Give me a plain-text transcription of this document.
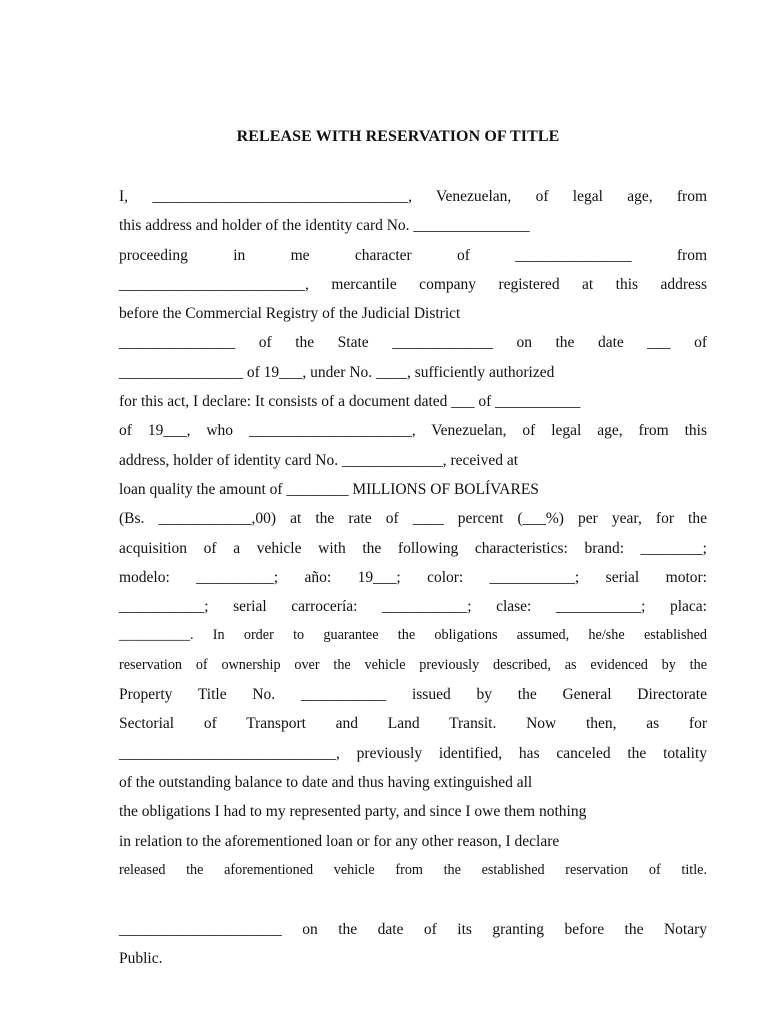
RELEASE WITH RESERVATION OF TITLE
I, _________________________________, Venezuelan, of legal age, from
this address and holder of the identity card No. _______________
proceeding in me character of _______________ from
________________________, mercantile company registered at this address
before the Commercial Registry of the Judicial District
_______________ of the State _____________ on the date ___ of
________________ of 19___, under No. ____, sufficiently authorized
for this act, I declare: It consists of a document dated ___ of ___________
of 19___, who _____________________, Venezuelan, of legal age, from this
address, holder of identity card No. _____________, received at
loan quality the amount of ________ MILLIONS OF BOLÍVARES
(Bs. ____________,00) at the rate of ____ percent (___%) per year, for the
acquisition of a vehicle with the following characteristics: brand: ________;
modelo: __________; año: 19___; color: ___________; serial motor:
___________; serial carrocería: ___________; clase: ___________; placa:
__________. In order to guarantee the obligations assumed, he/she established
reservation of ownership over the vehicle previously described, as evidenced by the
Property Title No. ___________ issued by the General Directorate
Sectorial of Transport and Land Transit. Now then, as for
____________________________, previously identified, has canceled the totality
of the outstanding balance to date and thus having extinguished all
the obligations I had to my represented party, and since I owe them nothing
in relation to the aforementioned loan or for any other reason, I declare
released the aforementioned vehicle from the established reservation of title.
_____________________ on the date of its granting before the Notary
Public.
